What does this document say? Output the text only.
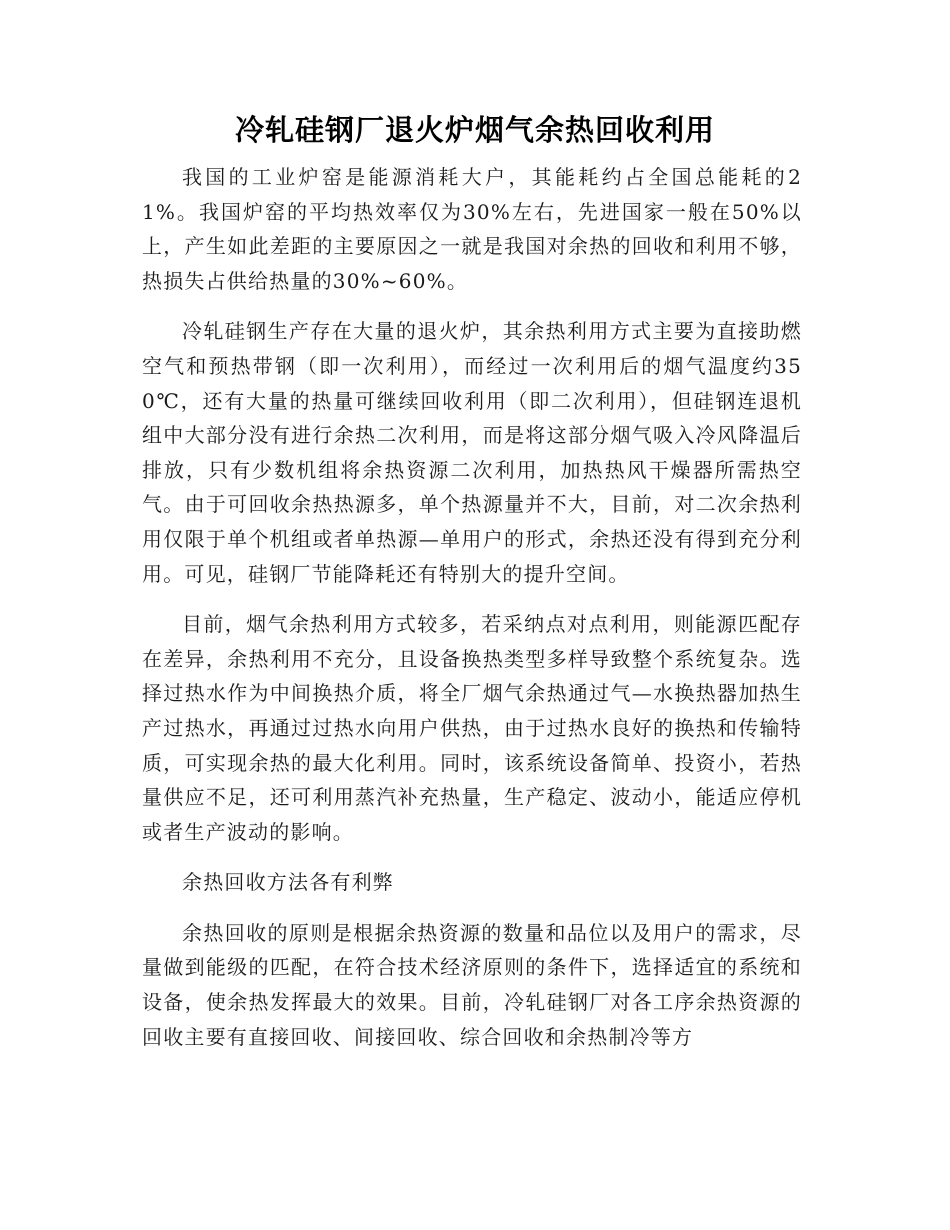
冷轧硅钢厂退火炉烟气余热回收利用

我国的工业炉窑是能源消耗大户，其能耗约占全国总能耗的21%。我国炉窑的平均热效率仅为30%左右，先进国家一般在50%以上，产生如此差距的主要原因之一就是我国对余热的回收和利用不够，热损失占供给热量的30%~60%。

冷轧硅钢生产存在大量的退火炉，其余热利用方式主要为直接助燃空气和预热带钢（即一次利用），而经过一次利用后的烟气温度约350℃，还有大量的热量可继续回收利用（即二次利用），但硅钢连退机组中大部分没有进行余热二次利用，而是将这部分烟气吸入冷风降温后排放，只有少数机组将余热资源二次利用，加热热风干燥器所需热空气。由于可回收余热热源多，单个热源量并不大，目前，对二次余热利用仅限于单个机组或者单热源—单用户的形式，余热还没有得到充分利用。可见，硅钢厂节能降耗还有特别大的提升空间。

目前，烟气余热利用方式较多，若采纳点对点利用，则能源匹配存在差异，余热利用不充分，且设备换热类型多样导致整个系统复杂。选择过热水作为中间换热介质，将全厂烟气余热通过气—水换热器加热生产过热水，再通过过热水向用户供热，由于过热水良好的换热和传输特质，可实现余热的最大化利用。同时，该系统设备简单、投资小，若热量供应不足，还可利用蒸汽补充热量，生产稳定、波动小，能适应停机或者生产波动的影响。

余热回收方法各有利弊

余热回收的原则是根据余热资源的数量和品位以及用户的需求，尽量做到能级的匹配，在符合技术经济原则的条件下，选择适宜的系统和设备，使余热发挥最大的效果。目前，冷轧硅钢厂对各工序余热资源的回收主要有直接回收、间接回收、综合回收和余热制冷等方
